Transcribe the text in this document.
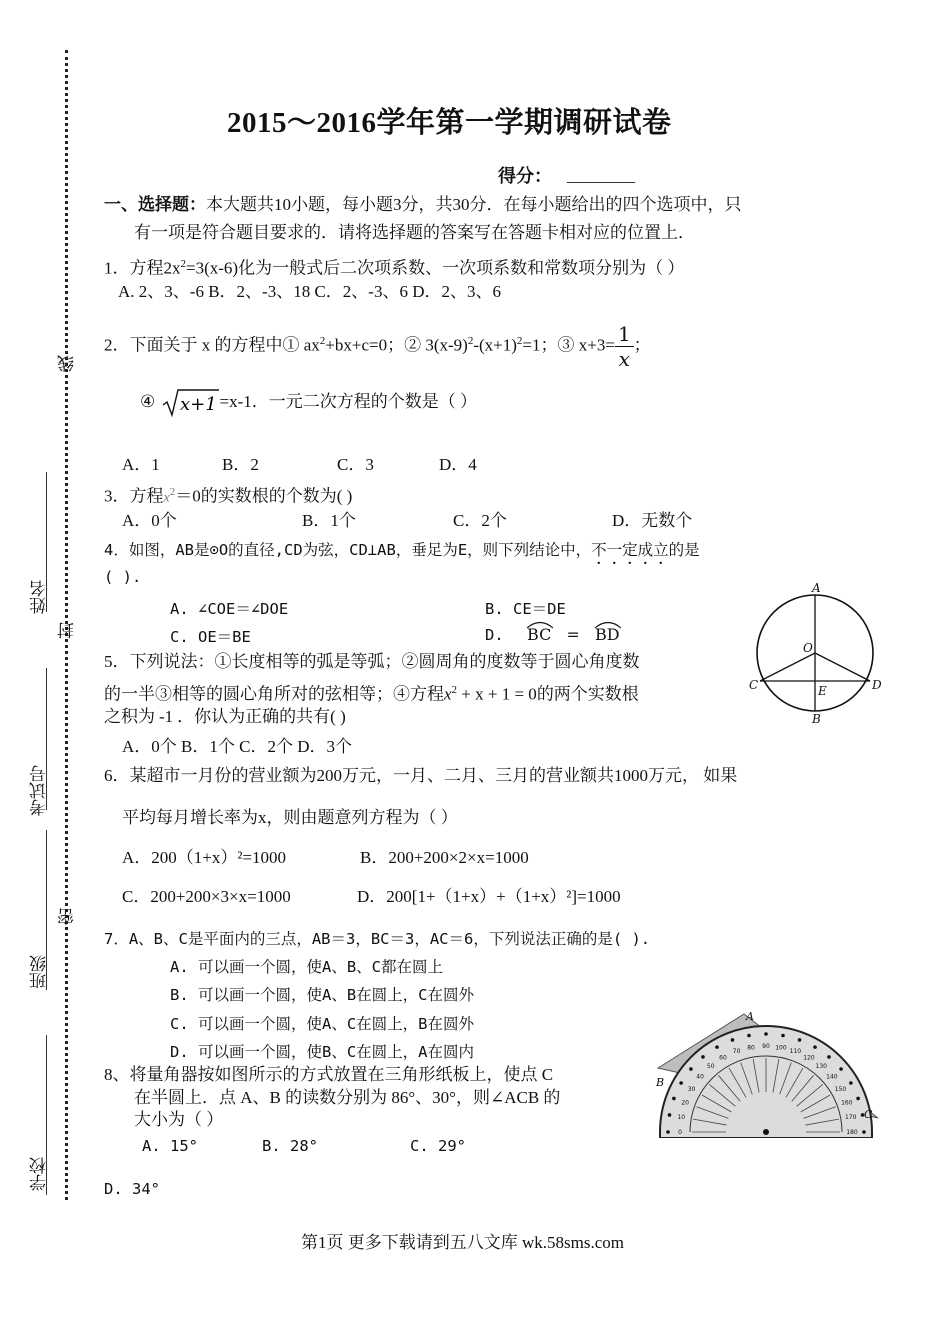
线
封
密
姓名
考试号
班级
学校
2015～2016学年第一学期调研试卷
得分： ________
一、选择题：本大题共10小题，每小题3分，共30分．在每小题给出的四个选项中，只
有一项是符合题目要求的．请将选择题的答案写在答题卡相对应的位置上．
1．方程$2x^2=3(x-6)$化为一般式后二次项系数、一次项系数和常数项分别为（ ）
A. 2、3、-6 B．2、-3、18 C．2、-3、6 D．2、3、6
2．下面关于 x 的方程中① $ax^2+bx+c=0$；② $3(x-9)^2-(x+1)^2=1$；③ $x+3= \frac{1}{x}$ ；
④ x+1 =x-1．一元二次方程的个数是（ ）
A．1	B．2	C．3	D．4
3．方程$x^2=0$的实数根的个数为( )
A．0个	B．1个	C．2个	D．无数个
4．如图，AB是⊙O的直径,CD为弦，CD⊥AB，垂足为E，则下列结论中，不一定成立的是
( ).
A. ∠COE＝∠DOE	B. CE＝DE
C. OE＝BE	D. BC = BD
A
O
C	E	D
B
5．下列说法：①长度相等的弧是等弧；②圆周角的度数等于圆心角度数
的一半③相等的圆心角所对的弦相等；④方程$x^2 + x + 1 = 0$的两个实数根
之积为 -1 ．你认为正确的共有( )
A．0个 B．1个 C．2个 D．3个
6．某超市一月份的营业额为200万元，一月、二月、三月的营业额共1000万元， 如果
平均每月增长率为x，则由题意列方程为（ ）
A．200（1+x）²=1000	B．200+200×2×x=1000
C．200+200×3×x=1000	D．200[1+（1+x）+（1+x）²]=1000
7．A、B、C是平面内的三点，AB＝3，BC＝3，AC＝6，下列说法正确的是( ).
A. 可以画一个圆，使A、B、C都在圆上
B. 可以画一个圆，使A、B在圆上，C在圆外
C. 可以画一个圆，使A、C在圆上，B在圆外
D. 可以画一个圆，使B、C在圆上，A在圆内
8、将量角器按如图所示的方式放置在三角形纸板上，使点 C
在半圆上．点 A、B 的读数分别为 86°、30°，则∠ACB 的
大小为（ ）
A. 15°	B. 28°	C. 29°
D. 34°
0
10
20
30
40
50
60
70
80 90 100
110
120
130
140
150
160
170
180
A
B
C
第1页 更多下载请到五八文库 wk.58sms.com
